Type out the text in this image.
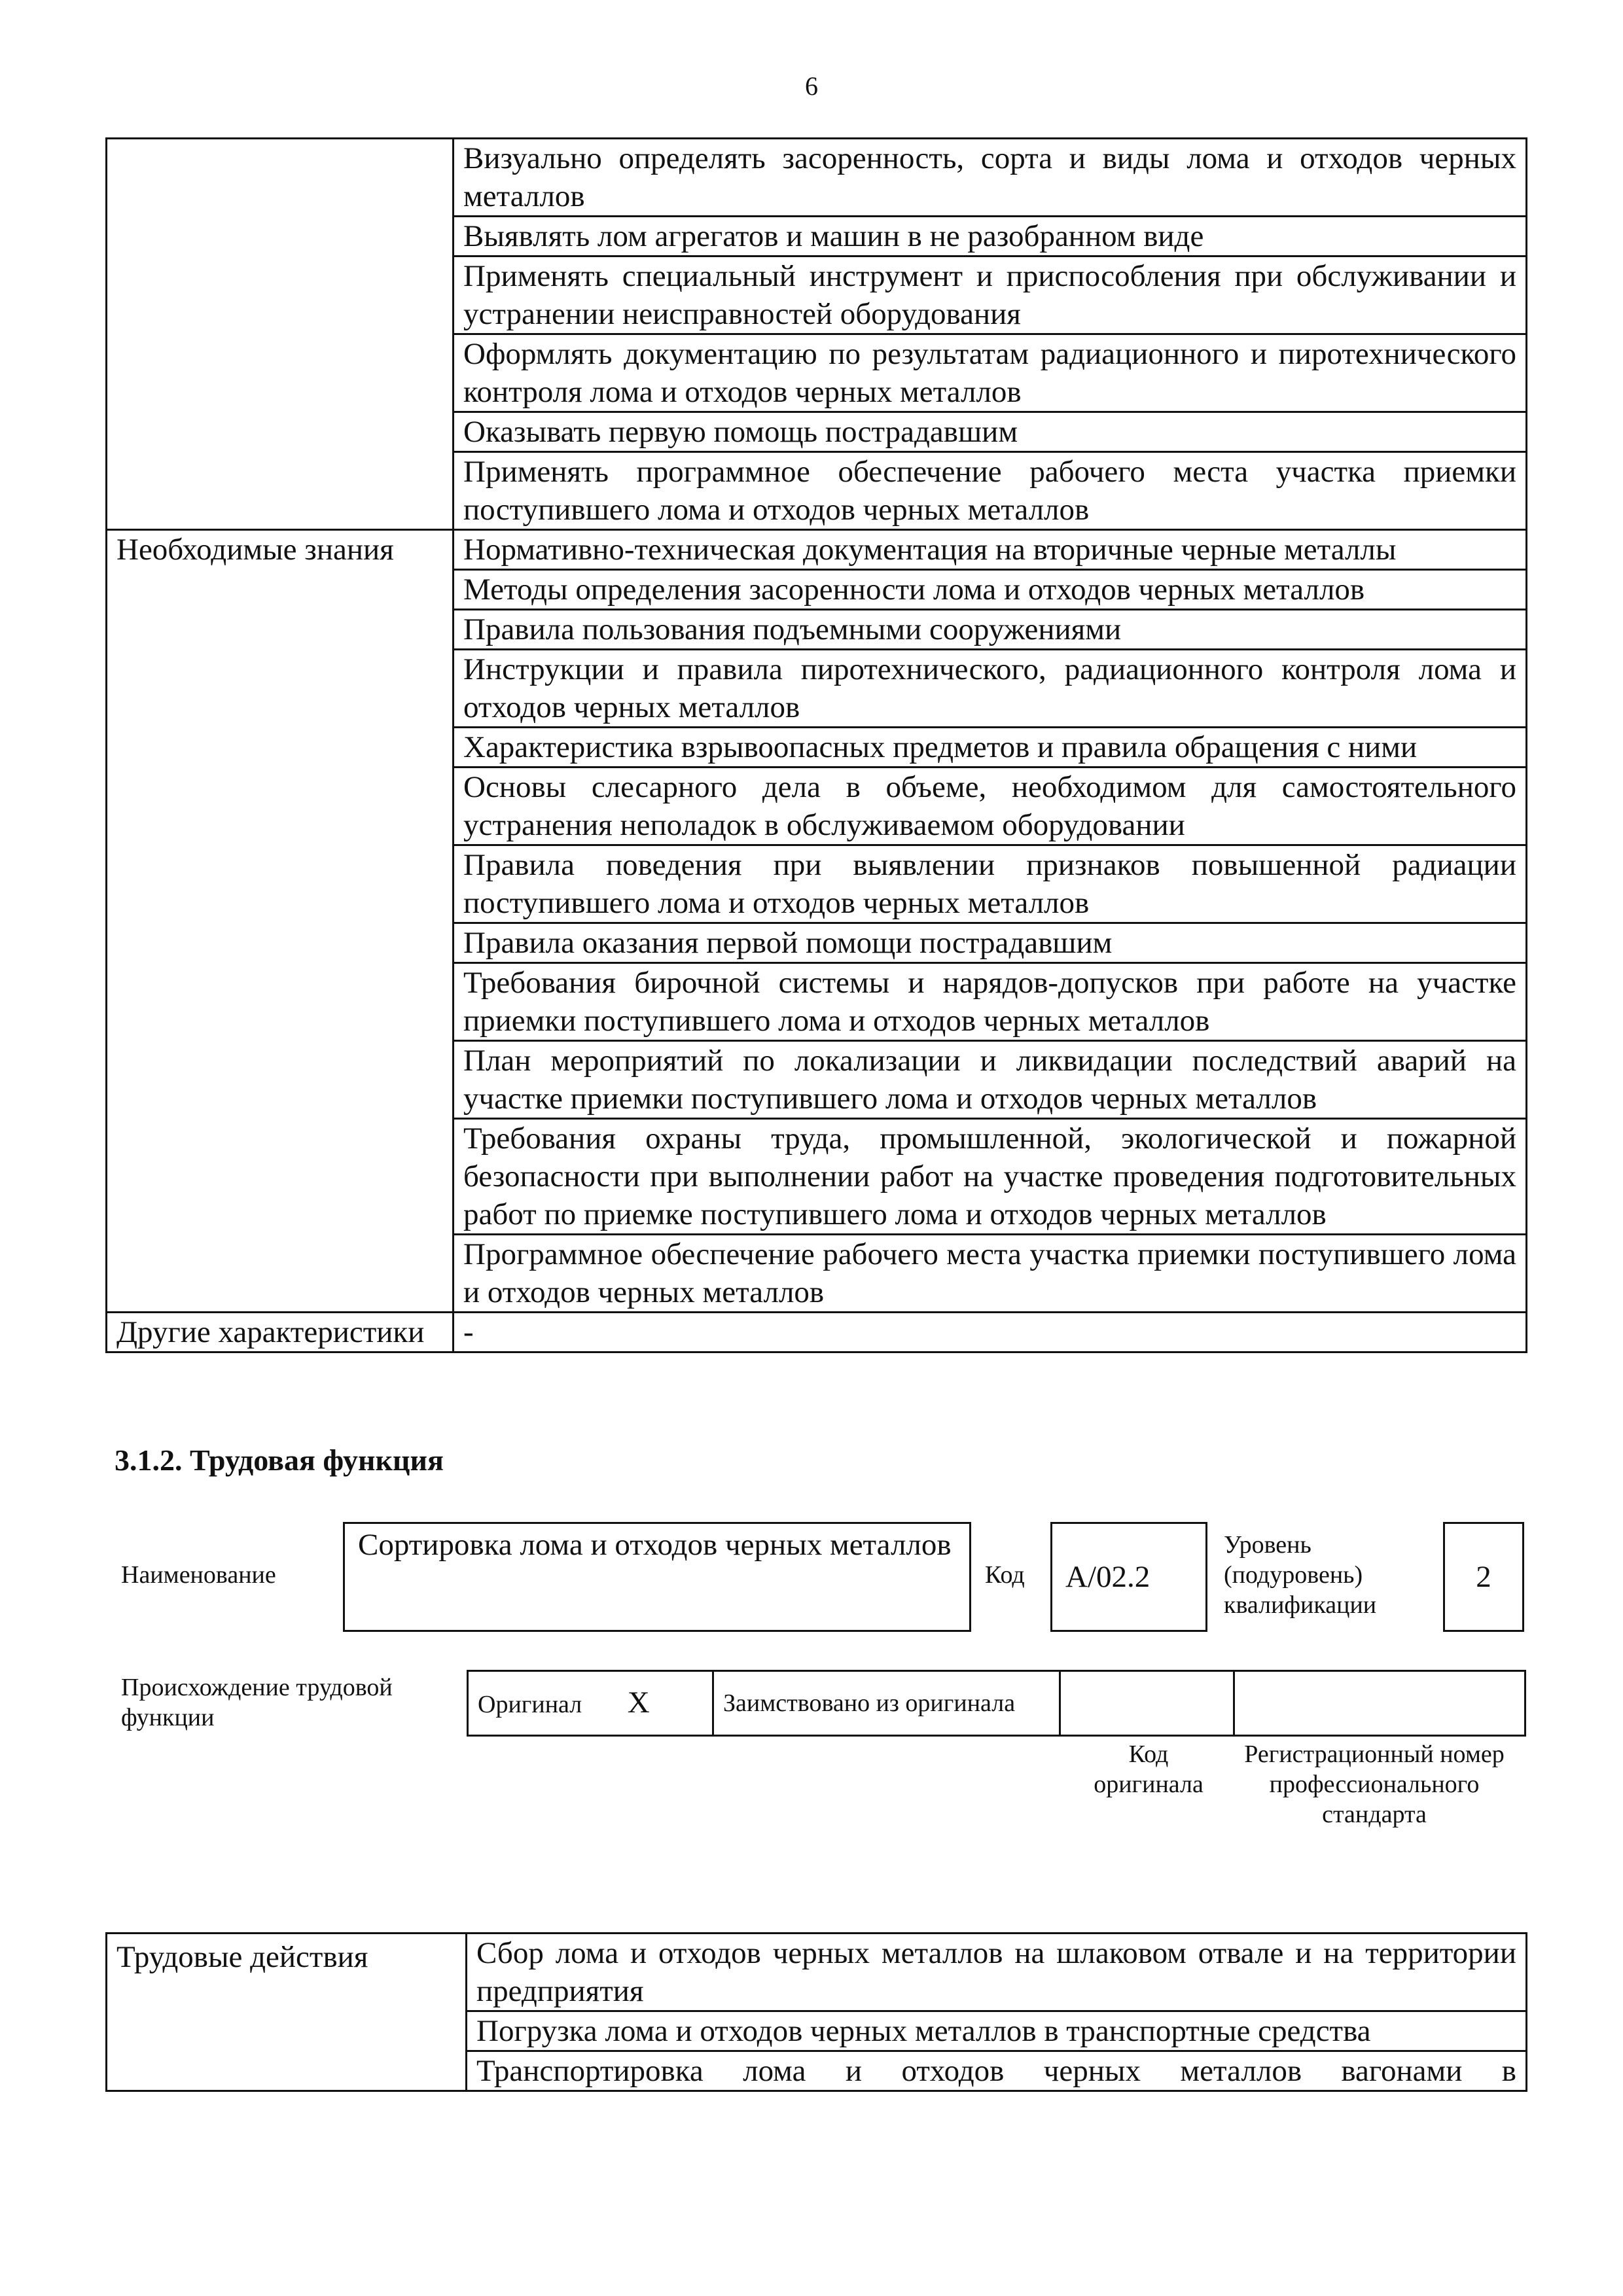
6
	Визуально определять засоренность, сорта и виды лома и отходов черных металлов
	Выявлять лом агрегатов и машин в не разобранном виде
	Применять специальный инструмент и приспособления при обслуживании и устранении неисправностей оборудования
	Оформлять документацию по результатам радиационного и пиротехнического контроля лома и отходов черных металлов
	Оказывать первую помощь пострадавшим
	Применять программное обеспечение рабочего места участка приемки поступившего лома и отходов черных металлов
Необходимые знания	Нормативно-техническая документация на вторичные черные металлы
	Методы определения засоренности лома и отходов черных металлов
	Правила пользования подъемными сооружениями
	Инструкции и правила пиротехнического, радиационного контроля лома и отходов черных металлов
	Характеристика взрывоопасных предметов и правила обращения с ними
	Основы слесарного дела в объеме, необходимом для самостоятельного устранения неполадок в обслуживаемом оборудовании
	Правила поведения при выявлении признаков повышенной радиации поступившего лома и отходов черных металлов
	Правила оказания первой помощи пострадавшим
	Требования бирочной системы и нарядов-допусков при работе на участке приемки поступившего лома и отходов черных металлов
	План мероприятий по локализации и ликвидации последствий аварий на участке приемки поступившего лома и отходов черных металлов
	Требования охраны труда, промышленной, экологической и пожарной безопасности при выполнении работ на участке проведения подготовительных работ по приемке поступившего лома и отходов черных металлов
	Программное обеспечение рабочего места участка приемки поступившего лома и отходов черных металлов
Другие характеристики	-
3.1.2. Трудовая функция
Наименование
Сортировка лома и отходов черных металлов
Код А/02.2
Уровень (подуровень) квалификации
2
Происхождение трудовой функции	Оригинал X	Заимствовано из оригинала		
Код оригинала
Регистрационный номер профессионального стандарта
Трудовые действия	Сбор лома и отходов черных металлов на шлаковом отвале и на территории предприятия
Погрузка лома и отходов черных металлов в транспортные средства
Транспортировка лома и отходов черных металлов вагонами в
